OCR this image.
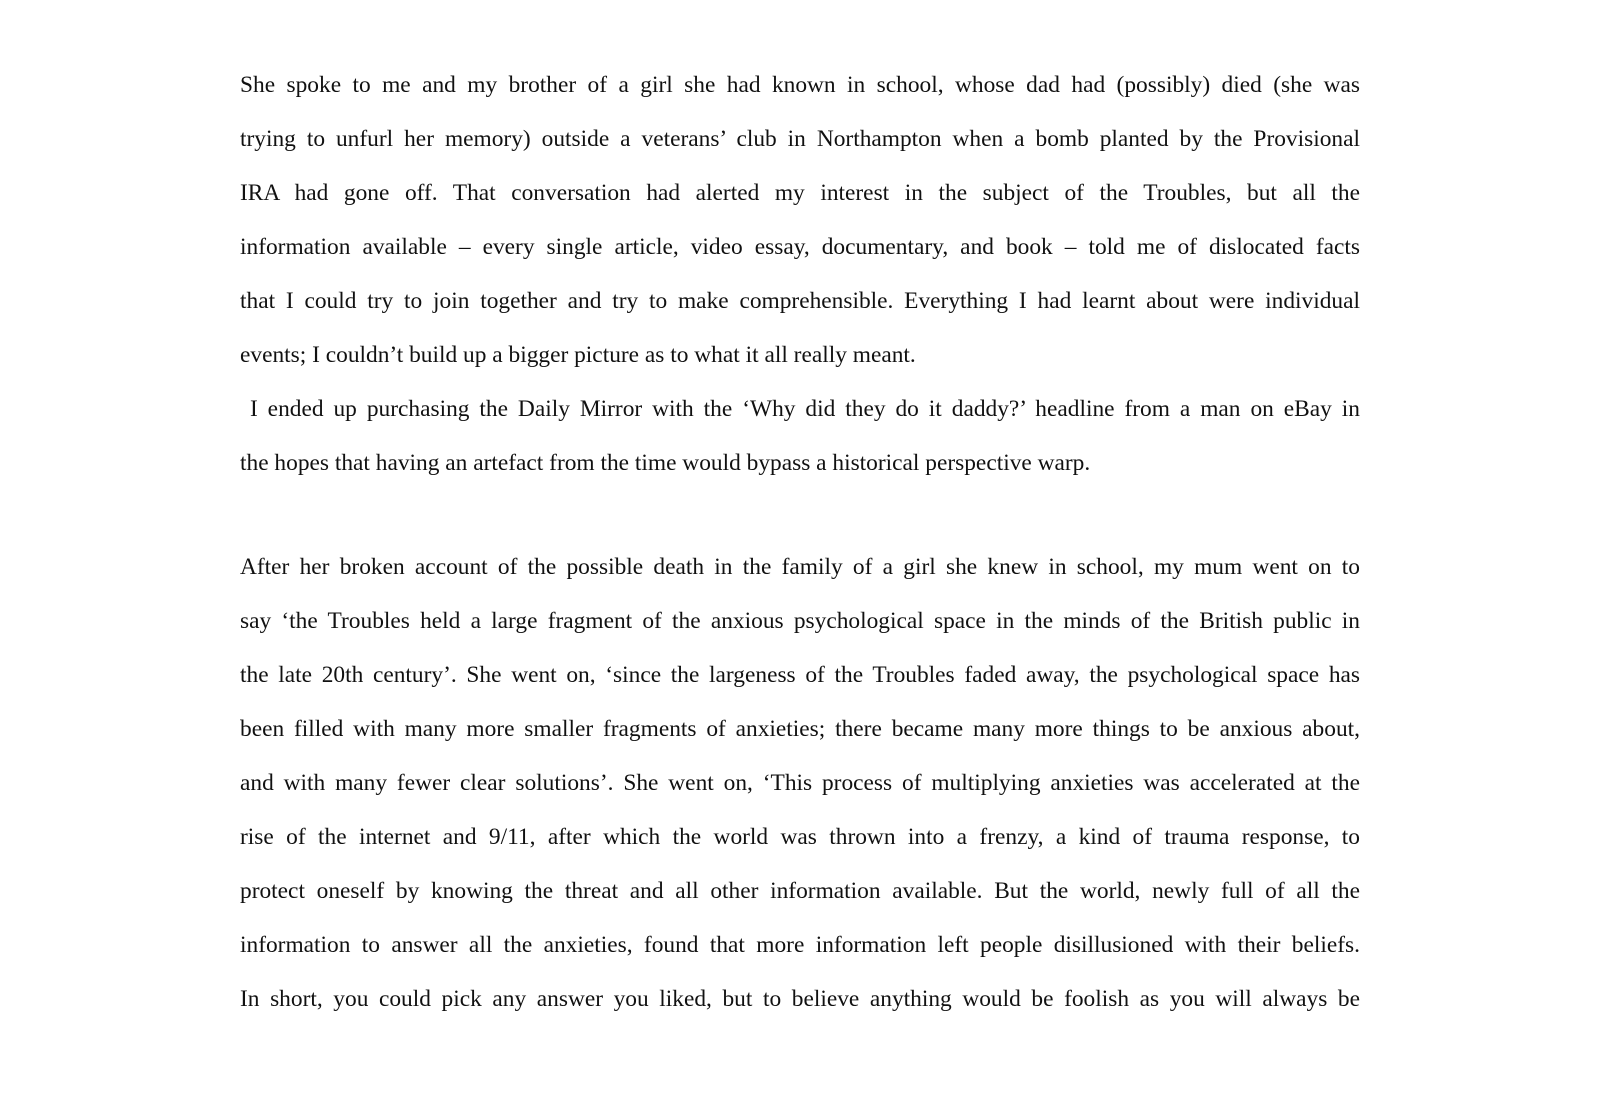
She spoke to me and my brother of a girl she had known in school, whose dad had (possibly) died (she was
trying to unfurl her memory) outside a veterans’ club in Northampton when a bomb planted by the Provisional
IRA had gone off. That conversation had alerted my interest in the subject of the Troubles, but all the
information available – every single article, video essay, documentary, and book – told me of dislocated facts
that I could try to join together and try to make comprehensible. Everything I had learnt about were individual
events; I couldn’t build up a bigger picture as to what it all really meant.
I ended up purchasing the Daily Mirror with the ‘Why did they do it daddy?’ headline from a man on eBay in
the hopes that having an artefact from the time would bypass a historical perspective warp.
After her broken account of the possible death in the family of a girl she knew in school, my mum went on to
say ‘the Troubles held a large fragment of the anxious psychological space in the minds of the British public in
the late 20th century’. She went on, ‘since the largeness of the Troubles faded away, the psychological space has
been filled with many more smaller fragments of anxieties; there became many more things to be anxious about,
and with many fewer clear solutions’. She went on, ‘This process of multiplying anxieties was accelerated at the
rise of the internet and 9/11, after which the world was thrown into a frenzy, a kind of trauma response, to
protect oneself by knowing the threat and all other information available. But the world, newly full of all the
information to answer all the anxieties, found that more information left people disillusioned with their beliefs.
In short, you could pick any answer you liked, but to believe anything would be foolish as you will always be
